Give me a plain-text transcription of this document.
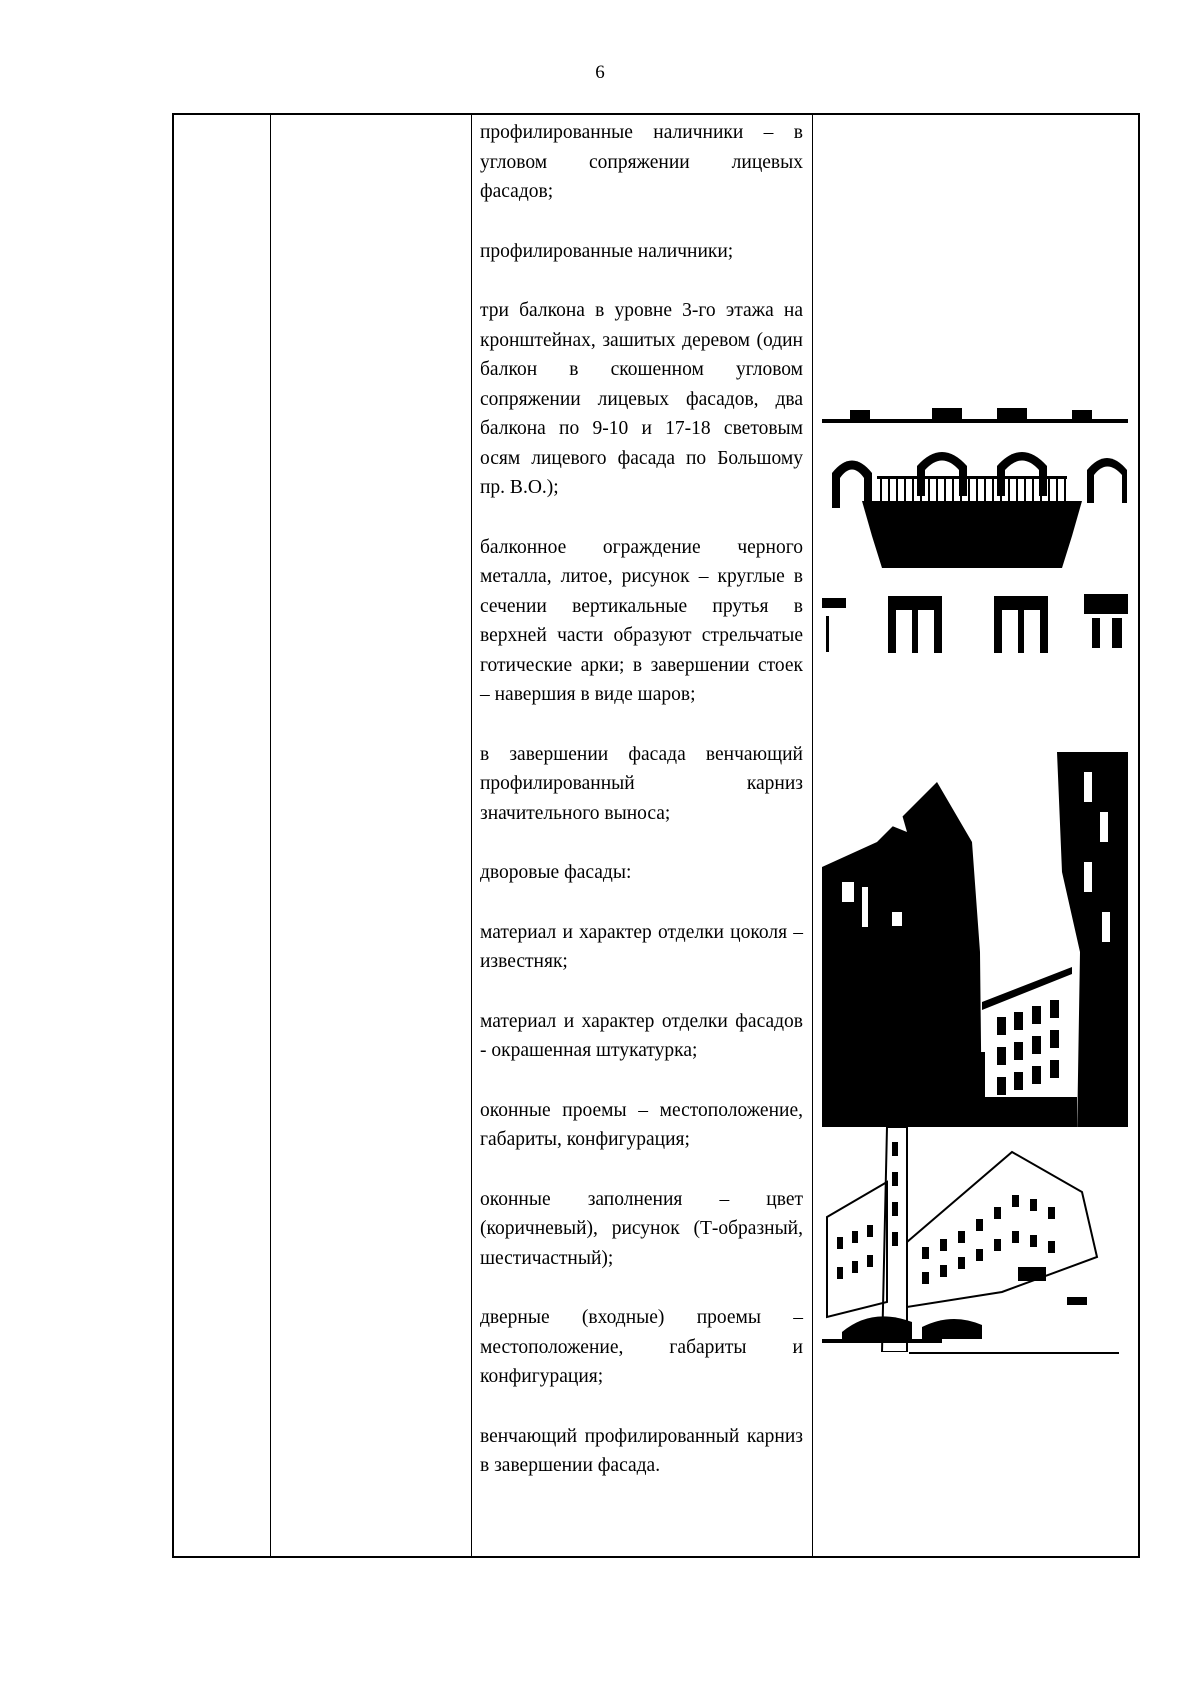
6

профилированные наличники – в угловом сопряжении лицевых фасадов;

профилированные наличники;

три балкона в уровне 3-го этажа на кронштейнах, зашитых деревом (один балкон в скошенном угловом сопряжении лицевых фасадов, два балкона по 9-10 и 17-18 световым осям лицевого фасада по Большому пр. В.О.);

балконное ограждение черного металла, литое, рисунок – круглые в сечении вертикальные прутья в верхней части образуют стрельчатые готические арки; в завершении стоек – навершия в виде шаров;

в завершении фасада венчающий профилированный карниз значительного выноса;

дворовые фасады:

материал и характер отделки цоколя – известняк;

материал и характер отделки фасадов - окрашенная штукатурка;

оконные проемы – местоположение, габариты, конфигурация;

оконные заполнения – цвет (коричневый), рисунок (Т-образный, шестичастный);

дверные (входные) проемы – местоположение, габариты и конфигурация;

венчающий профилированный карниз в завершении фасада.
